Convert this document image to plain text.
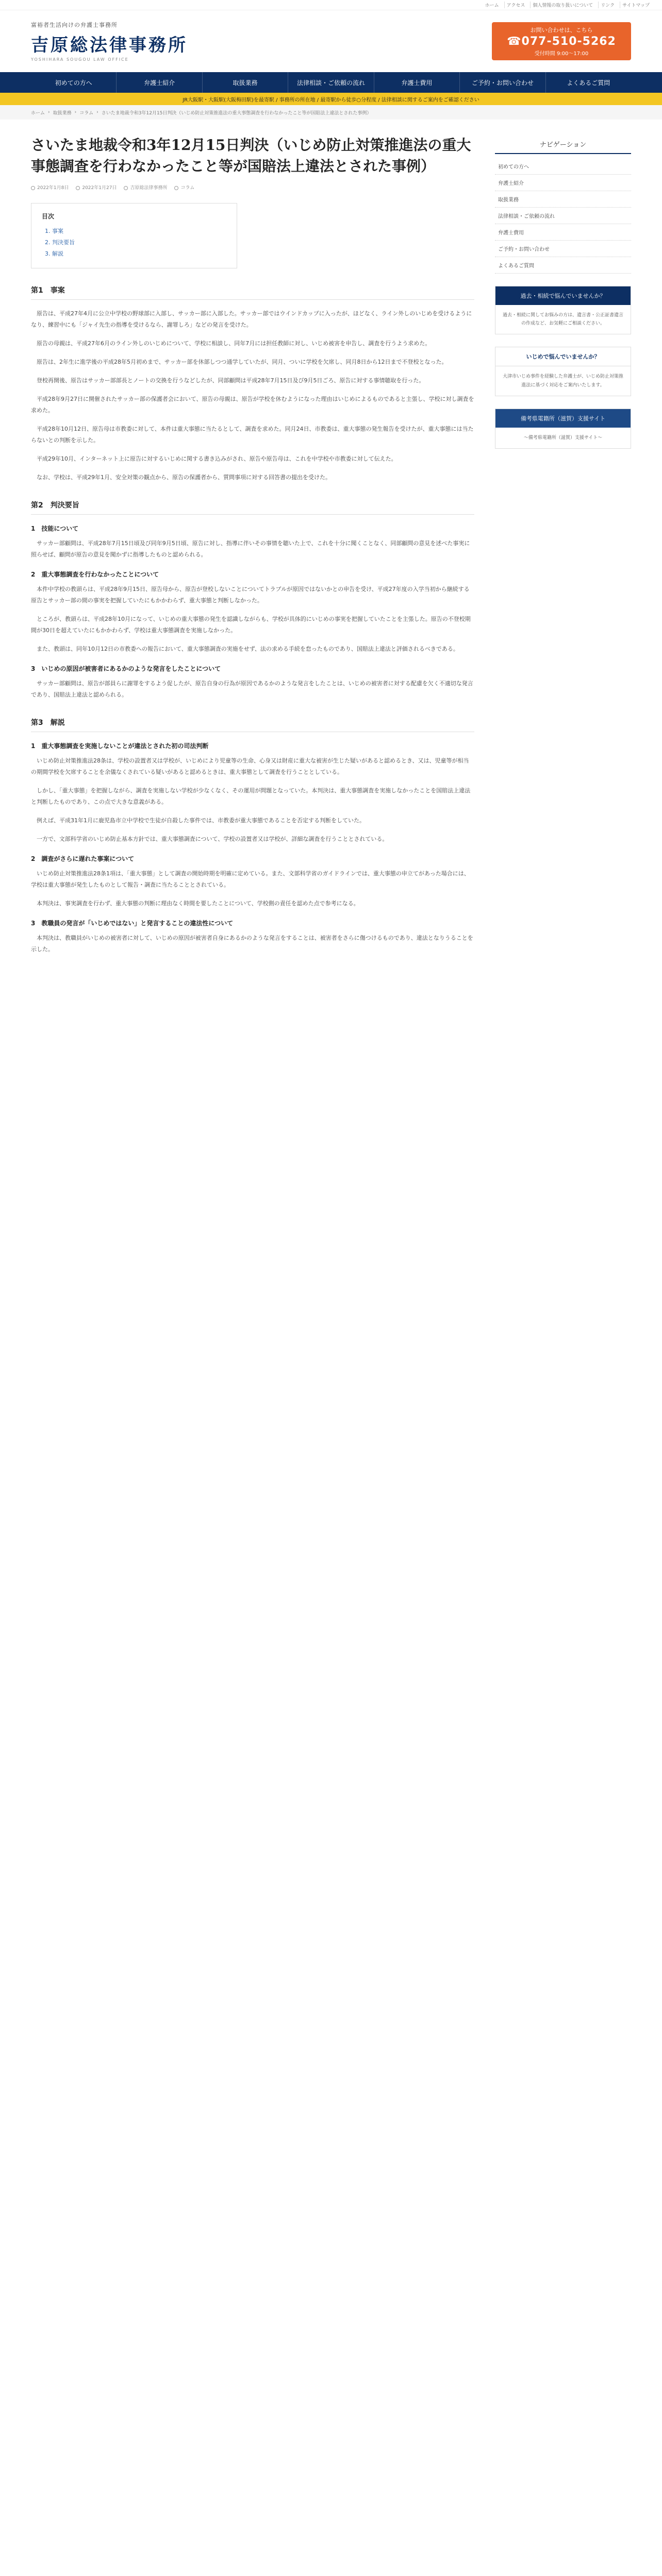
ホーム	アクセス	個人情報の取り扱いについて	リンク	サイトマップ
富裕者生活向けの弁護士事務所
吉原総法律事務所
YOSHIHARA SOUGOU LAW OFFICE
お問い合わせは、こちら
☎077-510-5262
受付時間 9:00〜17:00
初めての方へ	弁護士紹介	取扱業務	法律相談・ご依頼の流れ	弁護士費用	ご予約・お問い合わせ	よくあるご質問
JR大阪駅・大阪駅(大阪梅田駅)を最寄駅 / 事務所の所在地 / 最寄駅から徒歩○分程度 / 法律相談に関するご案内をご確認ください
ホーム › 取扱業務 › コラム › さいたま地裁令和3年12月15日判決（いじめ防止対策推進法の重大事態調査を行わなかったこと等が国賠法上違法とされた事例）
さいたま地裁令和3年12月15日判決（いじめ防止対策推進法の重大事態調査を行わなかったこと等が国賠法上違法とされた事例）
2022年1月8日	2022年1月27日	吉原総法律事務所	コラム
目次
1. 事案
2. 判決要旨
3. 解説
第1　事案

原告は、平成27年4月に公立中学校の野球部に入部し、サッカー部に入部した。サッカー部ではウインドカップに入ったが、ほどなく、ライン外しのいじめを受けるようになり、練習中にも「ジャイ先生の指導を受けるなら、謝罪しろ」などの発言を受けた。

原告の母親は、平成27年6月のライン外しのいじめについて、学校に相談し、同年7月には担任教師に対し、いじめ被害を申告し、調査を行うよう求めた。

原告は、2年生に進学後の平成28年5月初めまで、サッカー部を休部しつつ通学していたが、同月、ついに学校を欠席し、同月8日から12日まで不登校となった。

登校再開後、原告はサッカー部部長とノートの交換を行うなどしたが、同部顧問は平成28年7月15日及び9月5日ごろ、原告に対する事情聴取を行った。

平成28年9月27日に開催されたサッカー部の保護者会において、原告の母親は、原告が学校を休むようになった理由はいじめによるものであると主張し、学校に対し調査を求めた。

平成28年10月12日、原告母は市教委に対して、本件は重大事態に当たるとして、調査を求めた。同月24日、市教委は、重大事態の発生報告を受けたが、重大事態には当たらないとの判断を示した。

平成29年10月、インターネット上に原告に対するいじめに関する書き込みがされ、原告や原告母は、これを中学校や市教委に対して伝えた。

なお、学校は、平成29年1月、安全対策の観点から、原告の保護者から、質問事項に対する回答書の提出を受けた。

第2　判決要旨
1　技能について

サッカー部顧問は、平成28年7月15日頃及び同年9月5日頃、原告に対し、指導に伴いその事情を聴いた上で、これを十分に聞くことなく、同部顧問の意見を述べた事実に照らせば、顧問が原告の意見を聞かずに指導したものと認められる。

2　重大事態調査を行わなかったことについて

本件中学校の教頭らは、平成28年9月15日、原告母から、原告が登校しないことについてトラブルが原因ではないかとの申告を受け、平成27年度の入学当初から継続する原告とサッカー部の間の事実を把握していたにもかかわらず、重大事態と判断しなかった。

ところが、教頭らは、平成28年10月になって、いじめの重大事態の発生を認識しながらも、学校が具体的にいじめの事実を把握していたことを主張した。原告の不登校期間が30日を超えていたにもかかわらず、学校は重大事態調査を実施しなかった。

また、教頭は、同年10月12日の市教委への報告において、重大事態調査の実施をせず、法の求める手続を怠ったものであり、国賠法上違法と評価されるべきである。

3　いじめの原因が被害者にあるかのような発言をしたことについて

サッカー部顧問は、原告が部員らに謝罪をするよう促したが、原告自身の行為が原因であるかのような発言をしたことは、いじめの被害者に対する配慮を欠く不適切な発言であり、国賠法上違法と認められる。

第3　解説
1　重大事態調査を実施しないことが違法とされた初の司法判断

いじめ防止対策推進法28条は、学校の設置者又は学校が、いじめにより児童等の生命、心身又は財産に重大な被害が生じた疑いがあると認めるとき、又は、児童等が相当の期間学校を欠席することを余儀なくされている疑いがあると認めるときは、重大事態として調査を行うこととしている。

しかし、「重大事態」を把握しながら、調査を実施しない学校が少なくなく、その運用が問題となっていた。本判決は、重大事態調査を実施しなかったことを国賠法上違法と判断したものであり、この点で大きな意義がある。

例えば、平成31年1月に鹿児島市立中学校で生徒が自殺した事件では、市教委が重大事態であることを否定する判断をしていた。

一方で、文部科学省のいじめ防止基本方針では、重大事態調査について、学校の設置者又は学校が、詳細な調査を行うこととされている。

2　調査がさらに遅れた事案について

いじめ防止対策推進法28条1項は、「重大事態」として調査の開始時期を明確に定めている。また、文部科学省のガイドラインでは、重大事態の申立てがあった場合には、学校は重大事態が発生したものとして報告・調査に当たることとされている。

本判決は、事実調査を行わず、重大事態の判断に理由なく時間を要したことについて、学校側の責任を認めた点で参考になる。

3　教職員の発言が「いじめではない」と発言することの違法性について

本判決は、教職員がいじめの被害者に対して、いじめの原因が被害者自身にあるかのような発言をすることは、被害者をさらに傷つけるものであり、違法となりうることを示した。

ナビゲーション
初めての方へ
弁護士紹介
取扱業務
法律相談・ご依頼の流れ
弁護士費用
ご予約・お問い合わせ
よくあるご質問
過去・相続で悩んでいませんか？
過去・相続に関してお悩みの方は、遺言書・公正証書遺言の作成など、お気軽にご相談ください。
いじめで悩んでいませんか？
大津市いじめ事件を経験した弁護士が、いじめ防止対策推進法に基づく対応をご案内いたします。
備考県電籍所（滋賀）支援サイト
〜備考県電籍所（滋賀）支援サイト〜
